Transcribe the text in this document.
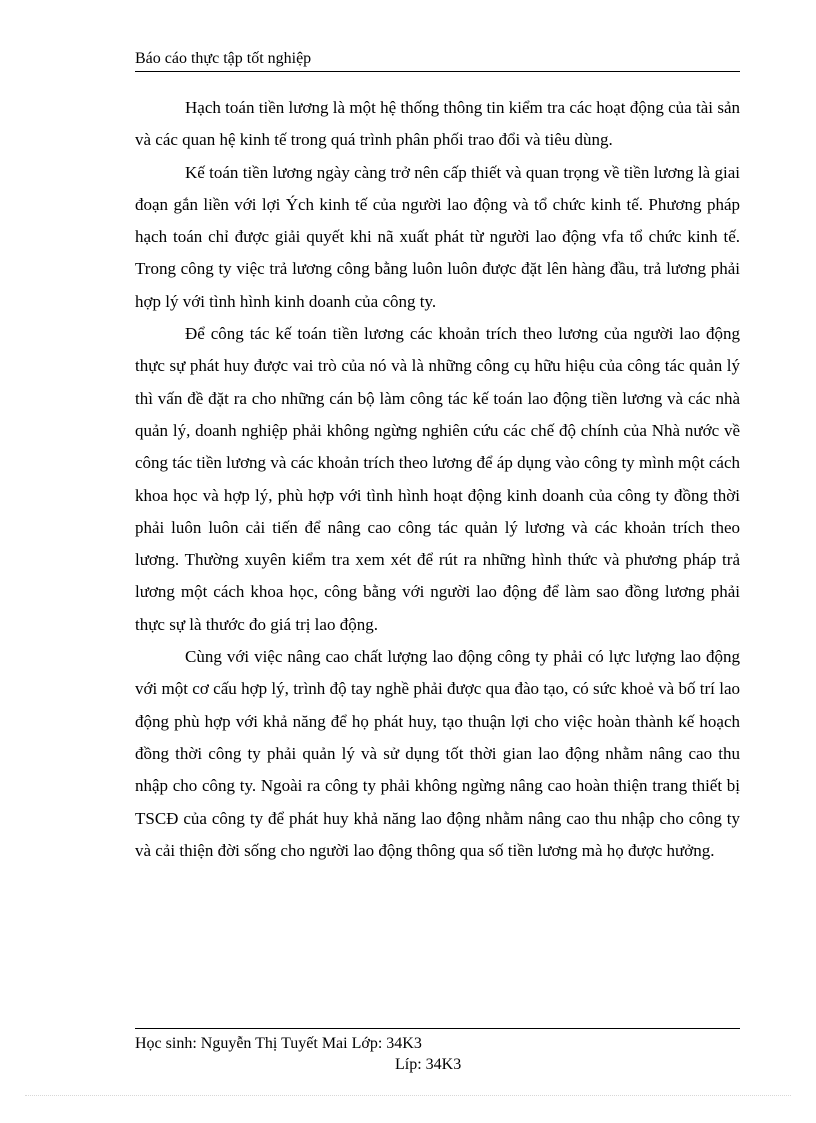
Báo cáo thực tập tốt nghiệp

Hạch toán tiền lương là một hệ thống thông tin kiểm tra các hoạt động của tài sản và các quan hệ kinh tế trong quá trình phân phối trao đổi và tiêu dùng.

Kế toán tiền lương ngày càng trở nên cấp thiết và quan trọng về tiền lương là giai đoạn gắn liền với lợi Ých kinh tế của người lao động và tổ chức kinh tế. Phương pháp hạch toán chỉ được giải quyết khi nã xuất phát từ người lao động vfa tổ chức kinh tế. Trong công ty việc trả lương công bằng luôn luôn được đặt lên hàng đầu, trả lương phải hợp lý với tình hình kinh doanh của công ty.

Để công tác kế toán tiền lương các khoản trích theo lương của người lao động thực sự phát huy được vai trò của nó và là những công cụ hữu hiệu của công tác quản lý thì vấn đề đặt ra cho những cán bộ làm công tác kế toán lao động tiền lương và các nhà quản lý, doanh nghiệp phải không ngừng nghiên cứu các chế độ chính của Nhà nước về công tác tiền lương và các khoản trích theo lương để áp dụng vào công ty mình một cách khoa học và hợp lý, phù hợp với tình hình hoạt động kinh doanh của công ty đồng thời phải luôn luôn cải tiến để nâng cao công tác quản lý lương và các khoản trích theo lương. Thường xuyên kiểm tra xem xét để rút ra những hình thức và phương pháp trả lương một cách khoa học, công bằng với người lao động để làm sao đồng lương phải thực sự là thước đo giá trị lao động.

Cùng với việc nâng cao chất lượng lao động công ty phải có lực lượng lao động với một cơ cấu hợp lý, trình độ tay nghề phải được qua đào tạo, có sức khoẻ và bố trí lao động phù hợp với khả năng để họ phát huy, tạo thuận lợi cho việc hoàn thành kế hoạch đồng thời công ty phải quản lý và sử dụng tốt thời gian lao động nhằm nâng cao thu nhập cho công ty. Ngoài ra công ty phải không ngừng nâng cao hoàn thiện trang thiết bị TSCĐ của công ty để phát huy khả năng lao động nhằm nâng cao thu nhập cho công ty và cải thiện đời sống cho người lao động thông qua số tiền lương mà họ được hưởng.

Học sinh: Nguyễn Thị Tuyết Mai Lớp: 34K3
Líp: 34K3
